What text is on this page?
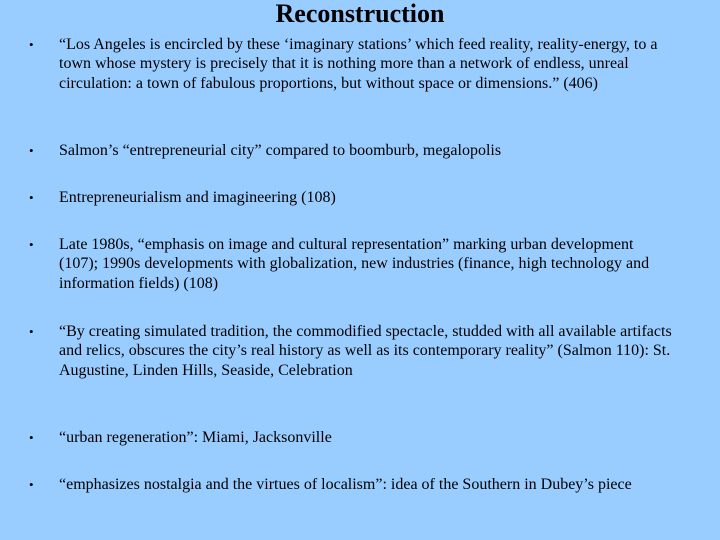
Reconstruction
• “Los Angeles is encircled by these ‘imaginary stations’ which feed reality, reality-energy, to a town whose mystery is precisely that it is nothing more than a network of endless, unreal circulation: a town of fabulous proportions, but without space or dimensions.” (406)
• Salmon’s “entrepreneurial city” compared to boomburb, megalopolis
• Entrepreneurialism and imagineering (108)
• Late 1980s, “emphasis on image and cultural representation” marking urban development (107); 1990s developments with globalization, new industries (finance, high technology and information fields) (108)
• “By creating simulated tradition, the commodified spectacle, studded with all available artifacts and relics, obscures the city’s real history as well as its contemporary reality” (Salmon 110): St. Augustine, Linden Hills, Seaside, Celebration
• “urban regeneration”: Miami, Jacksonville
• “emphasizes nostalgia and the virtues of localism”: idea of the Southern in Dubey’s piece
